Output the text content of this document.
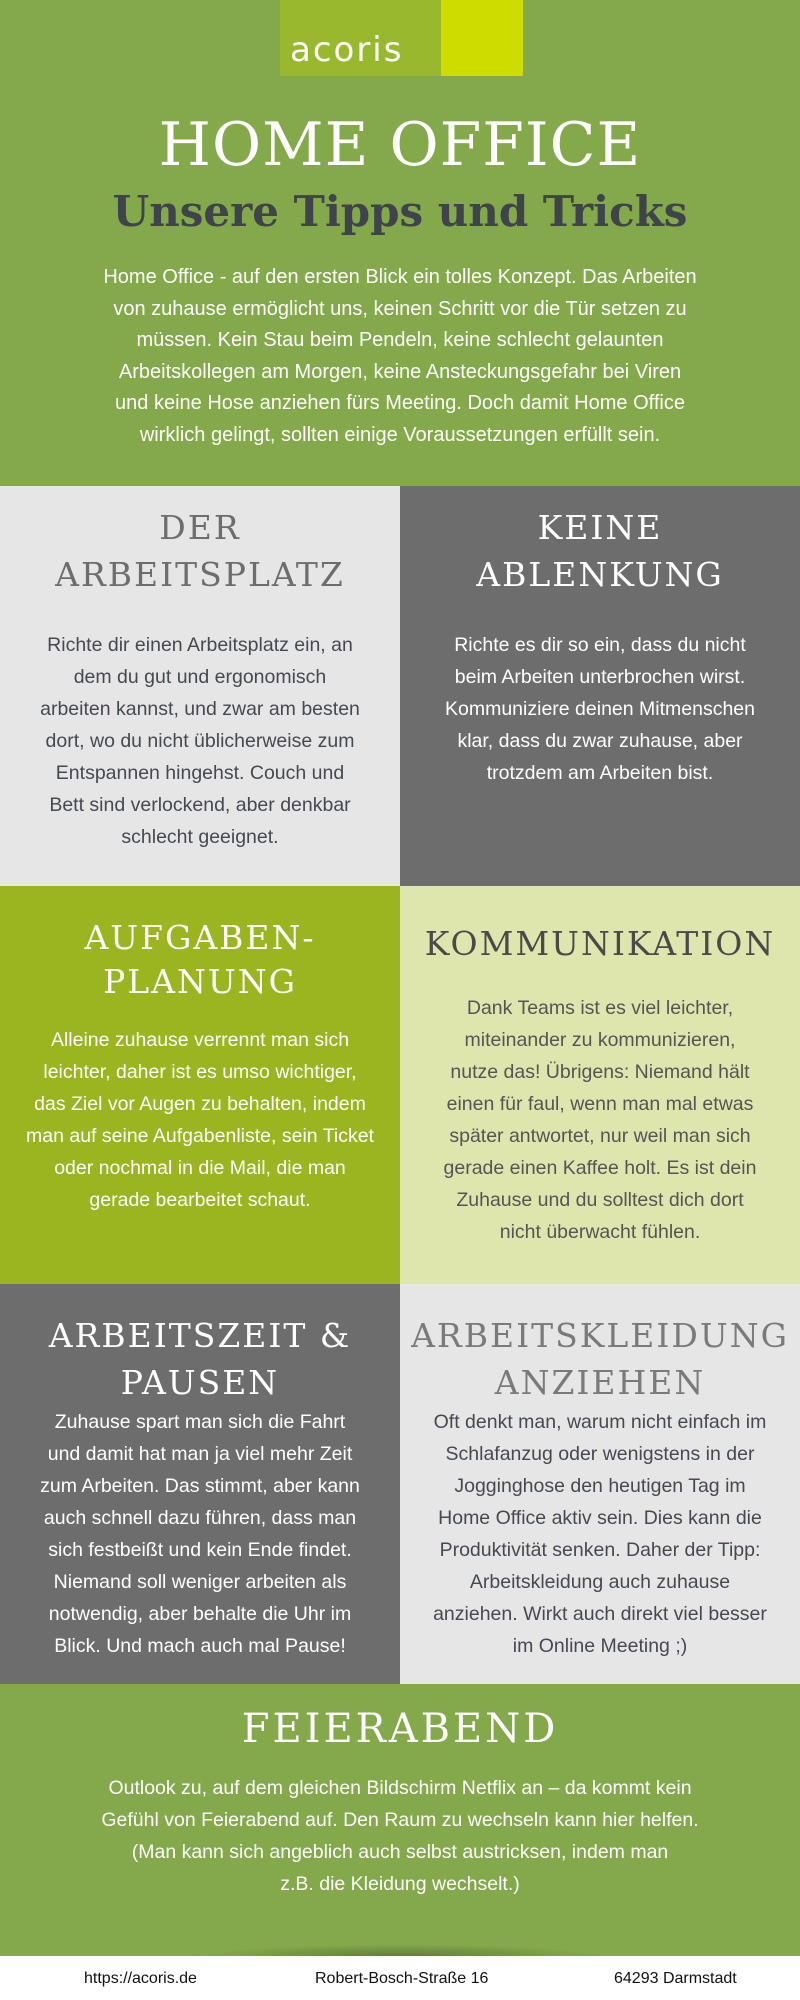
acoris
HOME OFFICE
Unsere Tipps und Tricks
Home Office - auf den ersten Blick ein tolles Konzept. Das Arbeiten
von zuhause ermöglicht uns, keinen Schritt vor die Tür setzen zu
müssen. Kein Stau beim Pendeln, keine schlecht gelaunten
Arbeitskollegen am Morgen, keine Ansteckungsgefahr bei Viren
und keine Hose anziehen fürs Meeting. Doch damit Home Office
wirklich gelingt, sollten einige Voraussetzungen erfüllt sein.
DER
ARBEITSPLATZ
Richte dir einen Arbeitsplatz ein, an
dem du gut und ergonomisch
arbeiten kannst, und zwar am besten
dort, wo du nicht üblicherweise zum
Entspannen hingehst. Couch und
Bett sind verlockend, aber denkbar
schlecht geeignet.
KEINE
ABLENKUNG
Richte es dir so ein, dass du nicht
beim Arbeiten unterbrochen wirst.
Kommuniziere deinen Mitmenschen
klar, dass du zwar zuhause, aber
trotzdem am Arbeiten bist.
AUFGABEN-
PLANUNG
Alleine zuhause verrennt man sich
leichter, daher ist es umso wichtiger,
das Ziel vor Augen zu behalten, indem
man auf seine Aufgabenliste, sein Ticket
oder nochmal in die Mail, die man
gerade bearbeitet schaut.
KOMMUNIKATION
Dank Teams ist es viel leichter,
miteinander zu kommunizieren,
nutze das! Übrigens: Niemand hält
einen für faul, wenn man mal etwas
später antwortet, nur weil man sich
gerade einen Kaffee holt. Es ist dein
Zuhause und du solltest dich dort
nicht überwacht fühlen.
ARBEITSZEIT &
PAUSEN
Zuhause spart man sich die Fahrt
und damit hat man ja viel mehr Zeit
zum Arbeiten. Das stimmt, aber kann
auch schnell dazu führen, dass man
sich festbeißt und kein Ende findet.
Niemand soll weniger arbeiten als
notwendig, aber behalte die Uhr im
Blick. Und mach auch mal Pause!
ARBEITSKLEIDUNG
ANZIEHEN
Oft denkt man, warum nicht einfach im
Schlafanzug oder wenigstens in der
Jogginghose den heutigen Tag im
Home Office aktiv sein. Dies kann die
Produktivität senken. Daher der Tipp:
Arbeitskleidung auch zuhause
anziehen. Wirkt auch direkt viel besser
im Online Meeting ;)
FEIERABEND
Outlook zu, auf dem gleichen Bildschirm Netflix an – da kommt kein
Gefühl von Feierabend auf. Den Raum zu wechseln kann hier helfen.
(Man kann sich angeblich auch selbst austricksen, indem man
z.B. die Kleidung wechselt.)
https://acoris.de	Robert-Bosch-Straße 16	64293 Darmstadt
